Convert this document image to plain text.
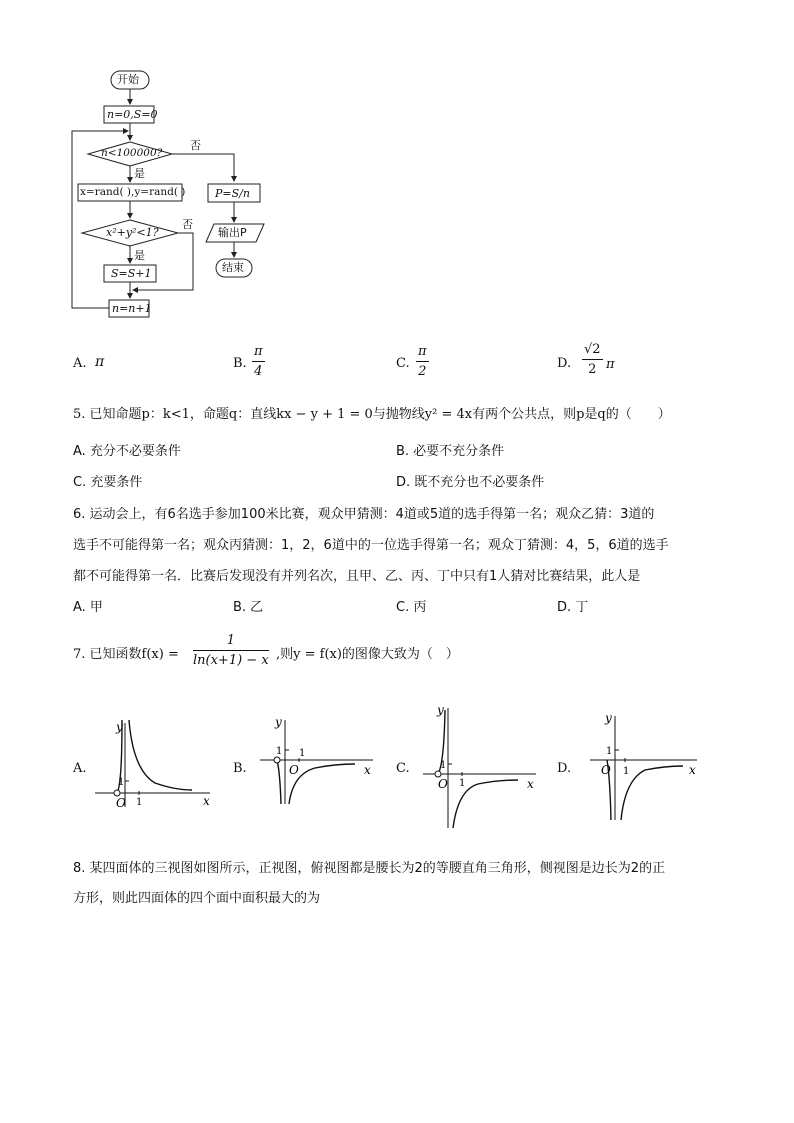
开始
n=0,S=0
n<100000?
否
是
x=rand( ),y=rand( )
x²+y²<1?
否
是
S=S+1
n=n+1
P=S/n
输出P
结束
A. π	B. $\frac{\pi}{4}$	C. $\frac{\pi}{2}$	D. $\frac{√2}{2}$ π
5. 已知命题p：k<1，命题q：直线kx − y + 1 = 0与抛物线y² = 4x有两个公共点，则p是q的（　　）
A. 充分不必要条件	B. 必要不充分条件
C. 充要条件	D. 既不充分也不必要条件
6. 运动会上，有6名选手参加100米比赛，观众甲猜测：4道或5道的选手得第一名；观众乙猜：3道的
选手不可能得第一名；观众丙猜测：1，2，6道中的一位选手得第一名；观众丁猜测：4，5，6道的选手
都不可能得第一名．比赛后发现没有并列名次，且甲、乙、丙、丁中只有1人猜对比赛结果，此人是
A. 甲	B. 乙	C. 丙	D. 丁
7. 已知函数$f(x) = \frac{1}{\ln(x+1) - x}$ ,则y = f(x)的图像大致为（　）
A.	B.	C.	D.
y
x
O 1
1
y
x
O
1
1
y
x
O 1
1
y
x
O 1
1
8. 某四面体的三视图如图所示，正视图，俯视图都是腰长为2的等腰直角三角形，侧视图是边长为2的正
方形，则此四面体的四个面中面积最大的为
